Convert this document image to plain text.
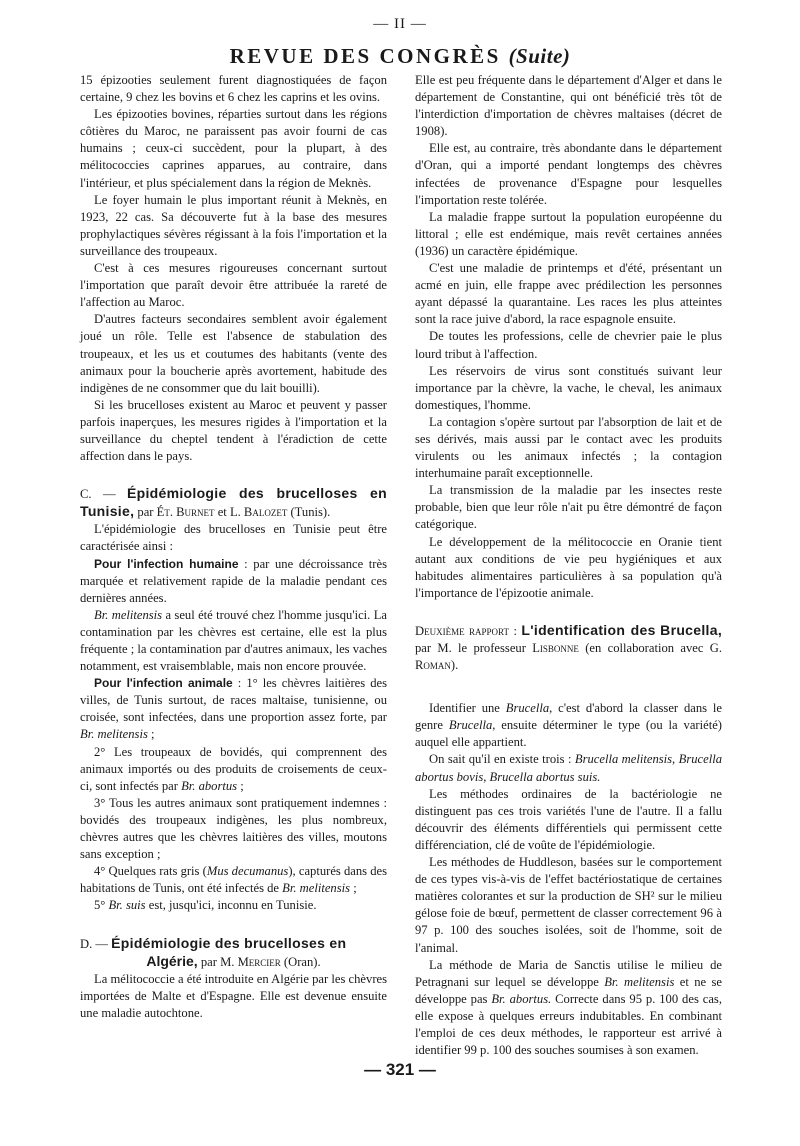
— II —
REVUE DES CONGRÈS (Suite)

15 épizooties seulement furent diagnostiquées de façon certaine, 9 chez les bovins et 6 chez les caprins et les ovins.

Les épizooties bovines, réparties surtout dans les régions côtières du Maroc, ne paraissent pas avoir fourni de cas humains ; ceux-ci succèdent, pour la plupart, à des mélitococcies caprines apparues, au contraire, dans l'intérieur, et plus spécialement dans la région de Meknès.

Le foyer humain le plus important réunit à Meknès, en 1923, 22 cas. Sa découverte fut à la base des mesures prophylactiques sévères régissant à la fois l'importation et la surveillance des troupeaux.

C'est à ces mesures rigoureuses concernant surtout l'importation que paraît devoir être attribuée la rareté de l'affection au Maroc.

D'autres facteurs secondaires semblent avoir également joué un rôle. Telle est l'absence de stabulation des troupeaux, et les us et coutumes des habitants (vente des animaux pour la boucherie après avortement, habitude des indigènes de ne consommer que du lait bouilli).

Si les brucelloses existent au Maroc et peuvent y passer parfois inaperçues, les mesures rigides à l'importation et la surveillance du cheptel tendent à l'éradiction de cette affection dans le pays.

C. — Épidémiologie des brucelloses en Tunisie, par Ét. Burnet et L. Balozet (Tunis).

L'épidémiologie des brucelloses en Tunisie peut être caractérisée ainsi :

Pour l'infection humaine : par une décroissance très marquée et relativement rapide de la maladie pendant ces dernières années.

Br. melitensis a seul été trouvé chez l'homme jusqu'ici. La contamination par les chèvres est certaine, elle est la plus fréquente ; la contamination par d'autres animaux, les vaches notamment, est vraisemblable, mais non encore prouvée.

Pour l'infection animale : 1° les chèvres laitières des villes, de Tunis surtout, de races maltaise, tunisienne, ou croisée, sont infectées, dans une proportion assez forte, par Br. melitensis ;

2° Les troupeaux de bovidés, qui comprennent des animaux importés ou des produits de croisements de ceux-ci, sont infectés par Br. abortus ;

3° Tous les autres animaux sont pratiquement indemnes : bovidés des troupeaux indigènes, les plus nombreux, chèvres autres que les chèvres laitières des villes, moutons sans exception ;

4° Quelques rats gris (Mus decumanus), capturés dans des habitations de Tunis, ont été infectés de Br. melitensis ;

5° Br. suis est, jusqu'ici, inconnu en Tunisie.

D. — Épidémiologie des brucelloses en

Algérie, par M. Mercier (Oran).

La mélitococcie a été introduite en Algérie par les chèvres importées de Malte et d'Espagne. Elle est devenue ensuite une maladie autochtone.

Elle est peu fréquente dans le département d'Alger et dans le département de Constantine, qui ont bénéficié très tôt de l'interdiction d'importation de chèvres maltaises (décret de 1908).

Elle est, au contraire, très abondante dans le département d'Oran, qui a importé pendant longtemps des chèvres infectées de provenance d'Espagne pour lesquelles l'importation reste tolérée.

La maladie frappe surtout la population européenne du littoral ; elle est endémique, mais revêt certaines années (1936) un caractère épidémique.

C'est une maladie de printemps et d'été, présentant un acmé en juin, elle frappe avec prédilection les personnes ayant dépassé la quarantaine. Les races les plus atteintes sont la race juive d'abord, la race espagnole ensuite.

De toutes les professions, celle de chevrier paie le plus lourd tribut à l'affection.

Les réservoirs de virus sont constitués suivant leur importance par la chèvre, la vache, le cheval, les animaux domestiques, l'homme.

La contagion s'opère surtout par l'absorption de lait et de ses dérivés, mais aussi par le contact avec les produits virulents ou les animaux infectés ; la contagion interhumaine paraît exceptionnelle.

La transmission de la maladie par les insectes reste probable, bien que leur rôle n'ait pu être démontré de façon catégorique.

Le développement de la mélitococcie en Oranie tient autant aux conditions de vie peu hygiéniques et aux habitudes alimentaires particulières à sa population qu'à l'importance de l'épizootie animale.

Deuxième rapport : L'identification des Brucella, par M. le professeur Lisbonne (en collaboration avec G. Roman).

Identifier une Brucella, c'est d'abord la classer dans le genre Brucella, ensuite déterminer le type (ou la variété) auquel elle appartient.

On sait qu'il en existe trois : Brucella melitensis, Brucella abortus bovis, Brucella abortus suis.

Les méthodes ordinaires de la bactériologie ne distinguent pas ces trois variétés l'une de l'autre. Il a fallu découvrir des éléments différentiels qui permissent cette différenciation, clé de voûte de l'épidémiologie.

Les méthodes de Huddleson, basées sur le comportement de ces types vis-à-vis de l'effet bactériostatique de certaines matières colorantes et sur la production de SH² sur le milieu gélose foie de bœuf, permettent de classer correctement 96 à 97 p. 100 des souches isolées, soit de l'homme, soit de l'animal.

La méthode de Maria de Sanctis utilise le milieu de Petragnani sur lequel se développe Br. melitensis et ne se développe pas Br. abortus. Correcte dans 95 p. 100 des cas, elle expose à quelques erreurs indubitables. En combinant l'emploi de ces deux méthodes, le rapporteur est arrivé à identifier 99 p. 100 des souches soumises à son examen.

— 321 —
